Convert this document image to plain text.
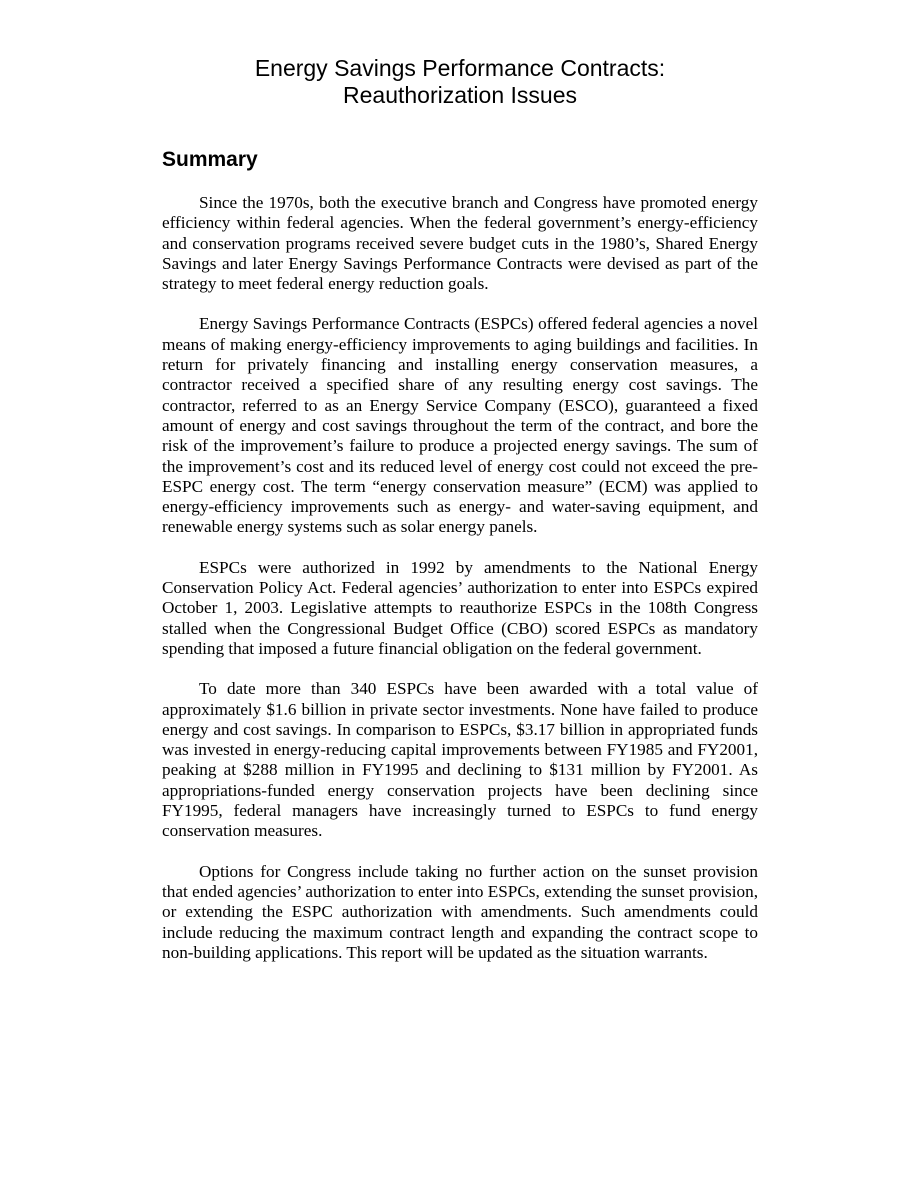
Energy Savings Performance Contracts:
Reauthorization Issues
Summary

Since the 1970s, both the executive branch and Congress have promoted energy efficiency within federal agencies. When the federal government’s energy-efficiency and conservation programs received severe budget cuts in the 1980’s, Shared Energy Savings and later Energy Savings Performance Contracts were devised as part of the strategy to meet federal energy reduction goals.

Energy Savings Performance Contracts (ESPCs) offered federal agencies a novel means of making energy-efficiency improvements to aging buildings and facilities. In return for privately financing and installing energy conservation measures, a contractor received a specified share of any resulting energy cost savings. The contractor, referred to as an Energy Service Company (ESCO), guaranteed a fixed amount of energy and cost savings throughout the term of the contract, and bore the risk of the improvement’s failure to produce a projected energy savings. The sum of the improvement’s cost and its reduced level of energy cost could not exceed the pre-ESPC energy cost. The term “energy conservation measure” (ECM) was applied to energy-efficiency improvements such as energy- and water-saving equipment, and renewable energy systems such as solar energy panels.

ESPCs were authorized in 1992 by amendments to the National Energy Conservation Policy Act. Federal agencies’ authorization to enter into ESPCs expired October 1, 2003. Legislative attempts to reauthorize ESPCs in the 108th Congress stalled when the Congressional Budget Office (CBO) scored ESPCs as mandatory spending that imposed a future financial obligation on the federal government.

To date more than 340 ESPCs have been awarded with a total value of approximately $1.6 billion in private sector investments. None have failed to produce energy and cost savings. In comparison to ESPCs, $3.17 billion in appropriated funds was invested in energy-reducing capital improvements between FY1985 and FY2001, peaking at $288 million in FY1995 and declining to $131 million by FY2001. As appropriations-funded energy conservation projects have been declining since FY1995, federal managers have increasingly turned to ESPCs to fund energy conservation measures.

Options for Congress include taking no further action on the sunset provision that ended agencies’ authorization to enter into ESPCs, extending the sunset provision, or extending the ESPC authorization with amendments. Such amendments could include reducing the maximum contract length and expanding the contract scope to non-building applications. This report will be updated as the situation warrants.
